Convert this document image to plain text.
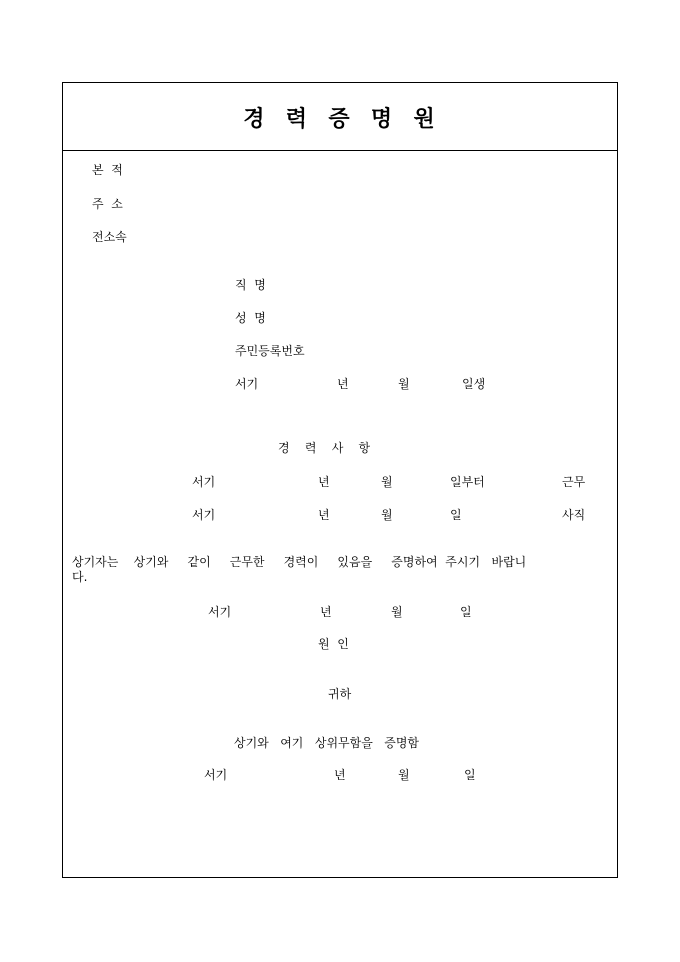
경  력  증  명  원
본  적
주  소
전소속
직  명
성  명
주민등록번호
서기	년	월	일생
경    력    사    항
서기	년	월	일부터	근무
서기	년	월	일	사직
상기자는    상기와     같이     근무한     경력이     있음을     증명하여  주시기   바랍니
다.
서기	년	월	일
원  인
귀하
상기와   여기   상위무함을   증명함
서기	년	월	일
